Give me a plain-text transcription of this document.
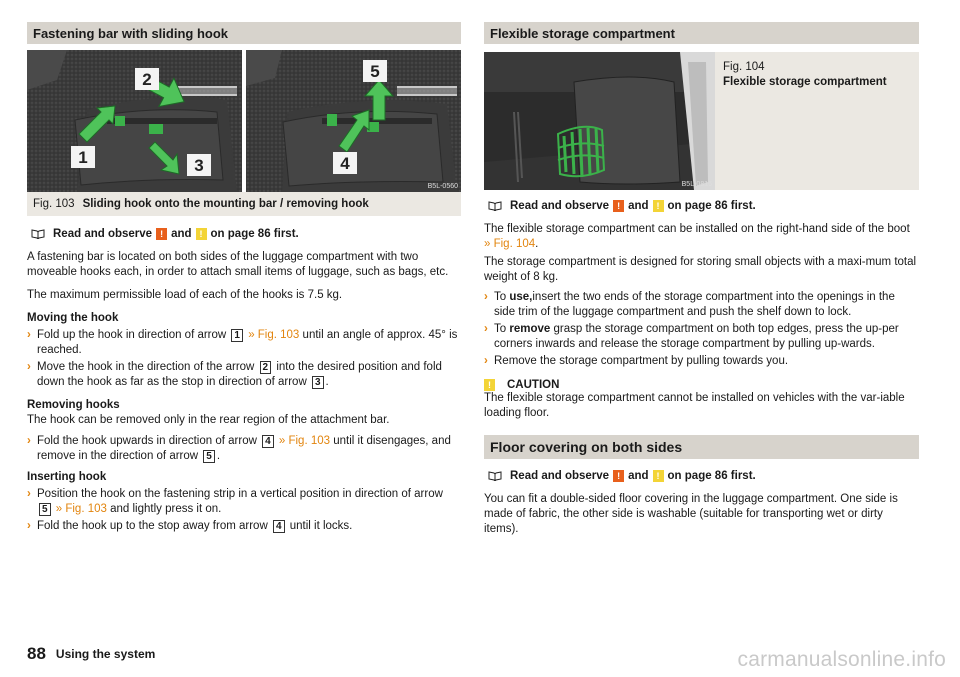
Fastening bar with sliding hook
1
2
3
5
4
B5L-0560
Fig. 103 Sliding hook onto the mounting bar / removing hook
Read and observe ! and ! on page 86 first.

A fastening bar is located on both sides of the luggage compartment with two moveable hooks each, in order to attach small items of luggage, such as bags, etc.

The maximum permissible load of each of the hooks is 7.5 kg.

Moving the hook
› Fold up the hook in direction of arrow 1 » Fig. 103 until an angle of approx. 45° is reached.
› Move the hook in the direction of the arrow 2 into the desired position and fold down the hook as far as the stop in direction of arrow 3 .
Removing hooks

The hook can be removed only in the rear region of the attachment bar.

› Fold the hook upwards in direction of arrow 4 » Fig. 103 until it disengages, and remove in the direction of arrow 5 .
Inserting hook
› Position the hook on the fastening strip in a vertical position in direction of arrow 5 » Fig. 103 and lightly press it on.
› Fold the hook up to the stop away from arrow 4 until it locks.
Flexible storage compartment
B5L-0816
Fig. 104
Flexible storage compartment
Read and observe ! and ! on page 86 first.

The flexible storage compartment can be installed on the right-hand side of the boot » Fig. 104.

The storage compartment is designed for storing small objects with a maxi-mum total weight of 8 kg.

› To use,insert the two ends of the storage compartment into the openings in the side trim of the luggage compartment and push the shelf down to lock.
› To remove grasp the storage compartment on both top edges, press the up-per corners inwards and release the storage compartment by pulling up-wards.
› Remove the storage compartment by pulling towards you.
!	CAUTION

The flexible storage compartment cannot be installed on vehicles with the var-iable loading floor.

Floor covering on both sides
Read and observe ! and ! on page 86 first.

You can fit a double-sided floor covering in the luggage compartment. One side is made of fabric, the other side is washable (suitable for transporting wet or dirty items).

88 Using the system	carmanualsonline.info
